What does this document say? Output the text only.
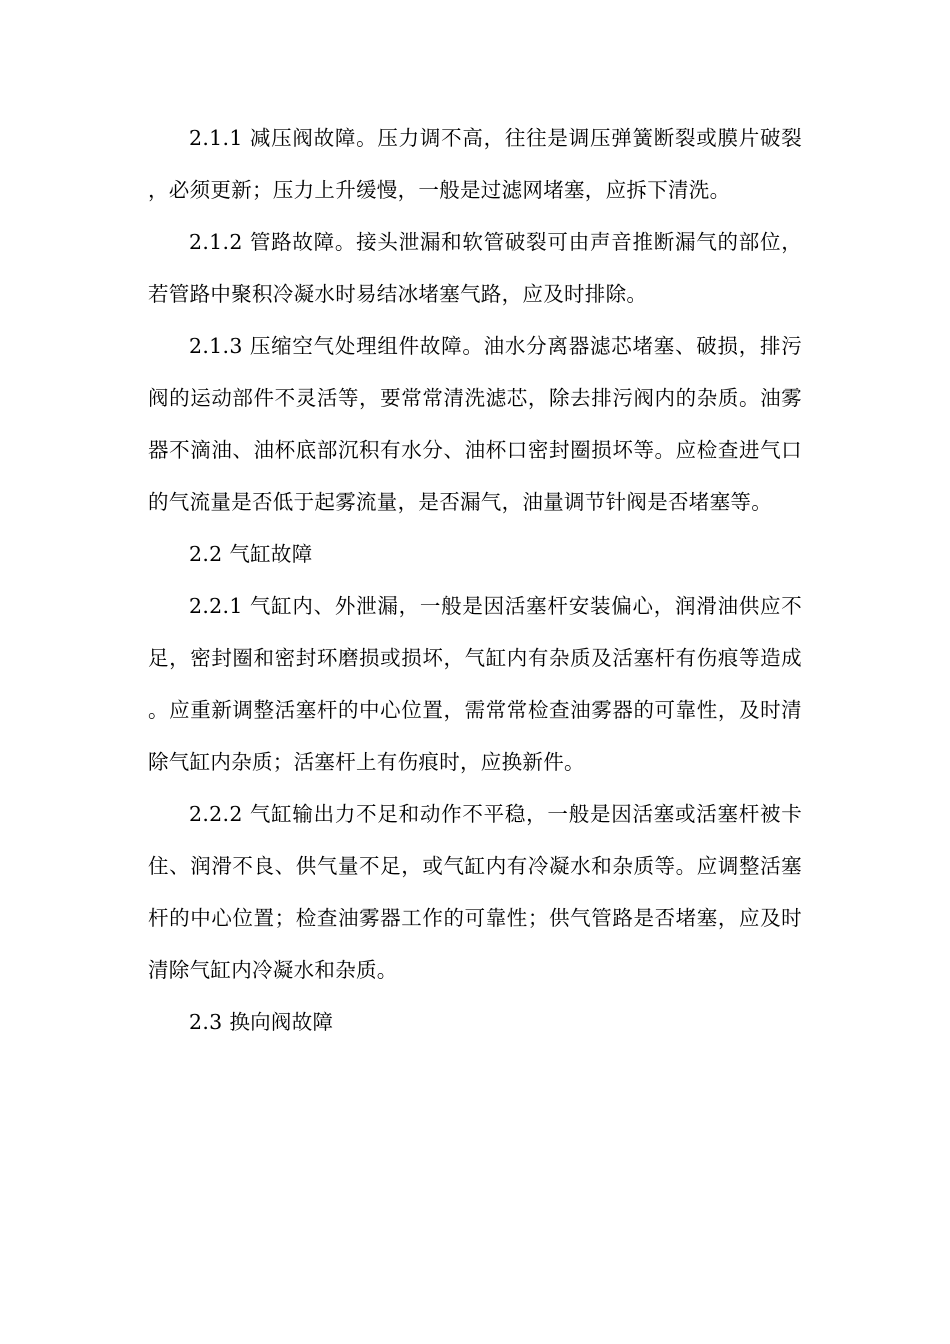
2.1.1 减压阀故障。压力调不高，往往是调压弹簧断裂或膜片破裂，必须更新；压力上升缓慢，一般是过滤网堵塞，应拆下清洗。

2.1.2 管路故障。接头泄漏和软管破裂可由声音推断漏气的部位，若管路中聚积冷凝水时易结冰堵塞气路，应及时排除。

2.1.3 压缩空气处理组件故障。油水分离器滤芯堵塞、破损，排污阀的运动部件不灵活等，要常常清洗滤芯，除去排污阀内的杂质。油雾器不滴油、油杯底部沉积有水分、油杯口密封圈损坏等。应检查进气口的气流量是否低于起雾流量，是否漏气，油量调节针阀是否堵塞等。

2.2 气缸故障

2.2.1 气缸内、外泄漏，一般是因活塞杆安装偏心，润滑油供应不足，密封圈和密封环磨损或损坏，气缸内有杂质及活塞杆有伤痕等造成。应重新调整活塞杆的中心位置，需常常检查油雾器的可靠性，及时清除气缸内杂质；活塞杆上有伤痕时，应换新件。

2.2.2 气缸输出力不足和动作不平稳，一般是因活塞或活塞杆被卡住、润滑不良、供气量不足，或气缸内有冷凝水和杂质等。应调整活塞杆的中心位置；检查油雾器工作的可靠性；供气管路是否堵塞，应及时清除气缸内冷凝水和杂质。

2.3 换向阀故障
